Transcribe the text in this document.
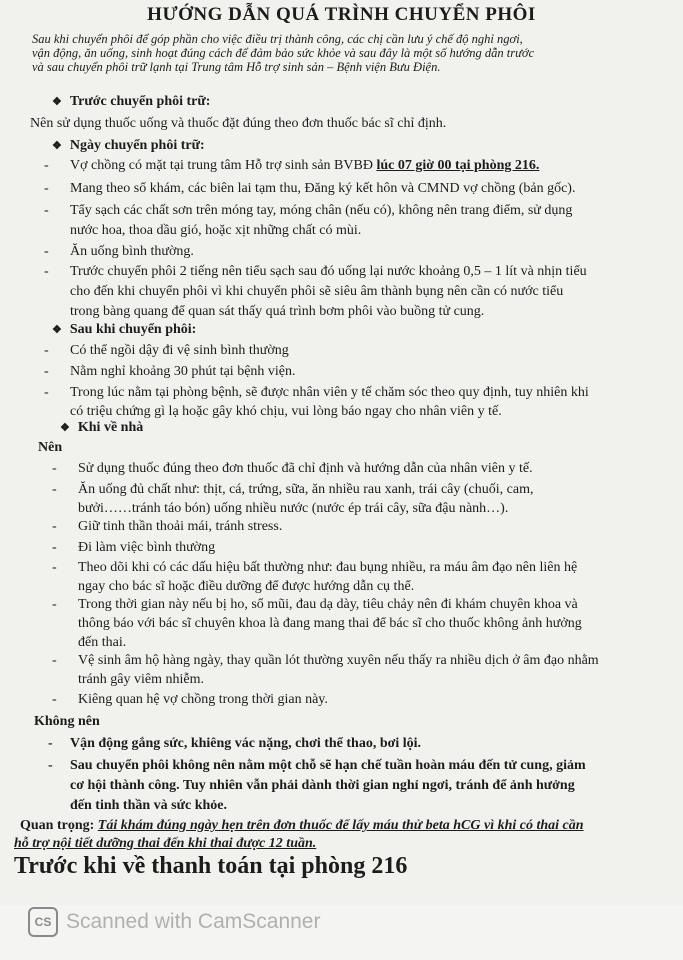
HƯỚNG DẪN QUÁ TRÌNH CHUYỂN PHÔI
Sau khi chuyển phôi để góp phần cho việc điều trị thành công, các chị cần lưu ý chế độ nghỉ ngơi,
vận động, ăn uống, sinh hoạt đúng cách để đảm bảo sức khỏe và sau đây là một số hướng dẫn trước
và sau chuyển phôi trữ lạnh tại Trung tâm Hỗ trợ sinh sản – Bệnh viện Bưu Điện.
❖ Trước chuyển phôi trữ:
Nên sử dụng thuốc uống và thuốc đặt đúng theo đơn thuốc bác sĩ chỉ định.
❖ Ngày chuyển phôi trữ:
- Vợ chồng có mặt tại trung tâm Hỗ trợ sinh sản BVBĐ lúc 07 giờ 00 tại phòng 216.
- Mang theo sổ khám, các biên lai tạm thu, Đăng ký kết hôn và CMND vợ chồng (bản gốc).
- Tẩy sạch các chất sơn trên móng tay, móng chân (nếu có), không nên trang điểm, sử dụng
nước hoa, thoa dầu gió, hoặc xịt những chất có mùi.
- Ăn uống bình thường.
- Trước chuyển phôi 2 tiếng nên tiểu sạch sau đó uống lại nước khoảng 0,5 – 1 lít và nhịn tiểu
cho đến khi chuyển phôi vì khi chuyển phôi sẽ siêu âm thành bụng nên cần có nước tiểu
trong bàng quang để quan sát thấy quá trình bơm phôi vào buồng tử cung.
❖ Sau khi chuyển phôi:
- Có thể ngồi dậy đi vệ sinh bình thường
- Nằm nghỉ khoảng 30 phút tại bệnh viện.
- Trong lúc nằm tại phòng bệnh, sẽ được nhân viên y tế chăm sóc theo quy định, tuy nhiên khi
có triệu chứng gì lạ hoặc gây khó chịu, vui lòng báo ngay cho nhân viên y tế.
❖ Khi về nhà
Nên
- Sử dụng thuốc đúng theo đơn thuốc đã chỉ định và hướng dẫn của nhân viên y tế.
- Ăn uống đủ chất như: thịt, cá, trứng, sữa, ăn nhiều rau xanh, trái cây (chuối, cam,
bưởi……tránh táo bón) uống nhiều nước (nước ép trái cây, sữa đậu nành…).
- Giữ tinh thần thoải mái, tránh stress.
- Đi làm việc bình thường
- Theo dõi khi có các dấu hiệu bất thường như: đau bụng nhiều, ra máu âm đạo nên liên hệ
ngay cho bác sĩ hoặc điều dưỡng để được hướng dẫn cụ thể.
- Trong thời gian này nếu bị ho, sổ mũi, đau dạ dày, tiêu chảy nên đi khám chuyên khoa và
thông báo với bác sĩ chuyên khoa là đang mang thai để bác sĩ cho thuốc không ảnh hưởng
đến thai.
- Vệ sinh âm hộ hàng ngày, thay quần lót thường xuyên nếu thấy ra nhiều dịch ở âm đạo nhằm
tránh gây viêm nhiễm.
- Kiêng quan hệ vợ chồng trong thời gian này.
Không nên
- Vận động gắng sức, khiêng vác nặng, chơi thể thao, bơi lội.
- Sau chuyển phôi không nên nằm một chỗ sẽ hạn chế tuần hoàn máu đến tử cung, giảm
cơ hội thành công. Tuy nhiên vẫn phải dành thời gian nghỉ ngơi, tránh để ảnh hưởng
đến tinh thần và sức khỏe.
Quan trọng: Tái khám đúng ngày hẹn trên đơn thuốc để lấy máu thử beta hCG vì khi có thai cần
hỗ trợ nội tiết dưỡng thai đến khi thai được 12 tuần.
Trước khi về thanh toán tại phòng 216
CS Scanned with CamScanner
